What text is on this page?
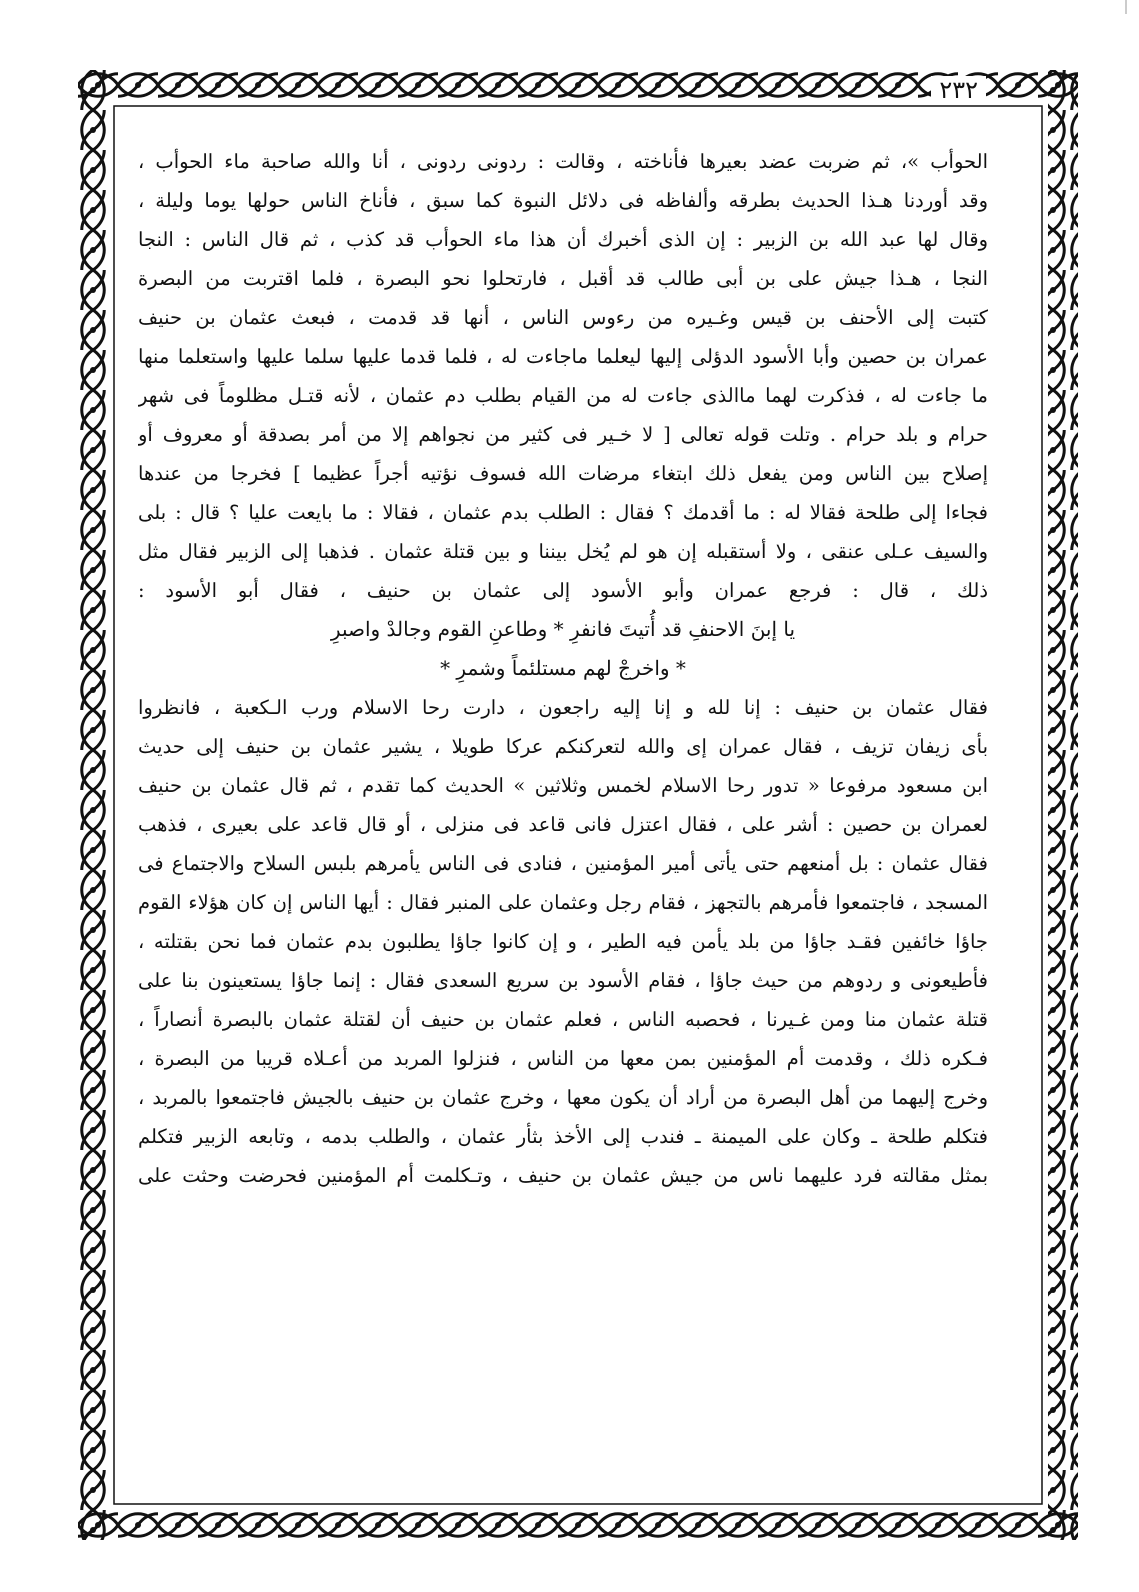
٢٣٢
الحوأب »، ثم ضربت عضد بعيرها فأناخته ، وقالت : ردونى ردونى ، أنا والله صاحبة ماء الحوأب ،
وقد أوردنا هـذا الحديث بطرقه وألفاظه فى دلائل النبوة كما سبق ، فأناخ الناس حولها يوما وليلة ،
وقال لها عبد الله بن الزبير : إن الذى أخبرك أن هذا ماء الحوأب قد كذب ، ثم قال الناس : النجا
النجا ، هـذا جيش على بن أبى طالب قد أقبل ، فارتحلوا نحو البصرة ، فلما اقتربت من البصرة
كتبت إلى الأحنف بن قيس وغـيره من رءوس الناس ، أنها قد قدمت ، فبعث عثمان بن حنيف
عمران بن حصين وأبا الأسود الدؤلى إليها ليعلما ماجاءت له ، فلما قدما عليها سلما عليها واستعلما منها
ما جاءت له ، فذكرت لهما ماالذى جاءت له من القيام بطلب دم عثمان ، لأنه قتـل مظلوماً فى شهر
حرام و بلد حرام . وتلت قوله تعالى [ لا خـير فى كثير من نجواهم إلا من أمر بصدقة أو معروف أو
إصلاح بين الناس ومن يفعل ذلك ابتغاء مرضات الله فسوف نؤتيه أجراً عظيما ] فخرجا من عندها
فجاءا إلى طلحة فقالا له : ما أقدمك ؟ فقال : الطلب بدم عثمان ، فقالا : ما بايعت عليا ؟ قال : بلى
والسيف عـلى عنقى ، ولا أستقبله إن هو لم يُخل بيننا و بين قتلة عثمان . فذهبا إلى الزبير فقال مثل
ذلك ، قال : فرجع عمران وأبو الأسود إلى عثمان بن حنيف ، فقال أبو الأسود :
يا إبنَ الاحنفِ قد أُتيتَ فانفرِ * وطاعنِ القوم وجالدْ واصبرِ
* واخرجْ لهم مستلئماً وشمرِ *
فقال عثمان بن حنيف : إنا لله و إنا إليه راجعون ، دارت رحا الاسلام ورب الـكعبة ، فانظروا
بأى زيفان تزيف ، فقال عمران إى والله لتعركنكم عركا طويلا ، يشير عثمان بن حنيف إلى حديث
ابن مسعود مرفوعا « تدور رحا الاسلام لخمس وثلاثين » الحديث كما تقدم ، ثم قال عثمان بن حنيف
لعمران بن حصين : أشر على ، فقال اعتزل فانى قاعد فى منزلى ، أو قال قاعد على بعيرى ، فذهب
فقال عثمان : بل أمنعهم حتى يأتى أمير المؤمنين ، فنادى فى الناس يأمرهم بلبس السلاح والاجتماع فى
المسجد ، فاجتمعوا فأمرهم بالتجهز ، فقام رجل وعثمان على المنبر فقال : أيها الناس إن كان هؤلاء القوم
جاؤا خائفين فقـد جاؤا من بلد يأمن فيه الطير ، و إن كانوا جاؤا يطلبون بدم عثمان فما نحن بقتلته ،
فأطيعونى و ردوهم من حيث جاؤا ، فقام الأسود بن سريع السعدى فقال : إنما جاؤا يستعينون بنا على
قتلة عثمان منا ومن غـيرنا ، فحصبه الناس ، فعلم عثمان بن حنيف أن لقتلة عثمان بالبصرة أنصاراً ،
فـكره ذلك ، وقدمت أم المؤمنين بمن معها من الناس ، فنزلوا المربد من أعـلاه قريبا من البصرة ،
وخرج إليهما من أهل البصرة من أراد أن يكون معها ، وخرج عثمان بن حنيف بالجيش فاجتمعوا بالمربد ،
فتكلم طلحة ـ وكان على الميمنة ـ فندب إلى الأخذ بثأر عثمان ، والطلب بدمه ، وتابعه الزبير فتكلم
بمثل مقالته فرد عليهما ناس من جيش عثمان بن حنيف ، وتـكلمت أم المؤمنين فحرضت وحثت على
